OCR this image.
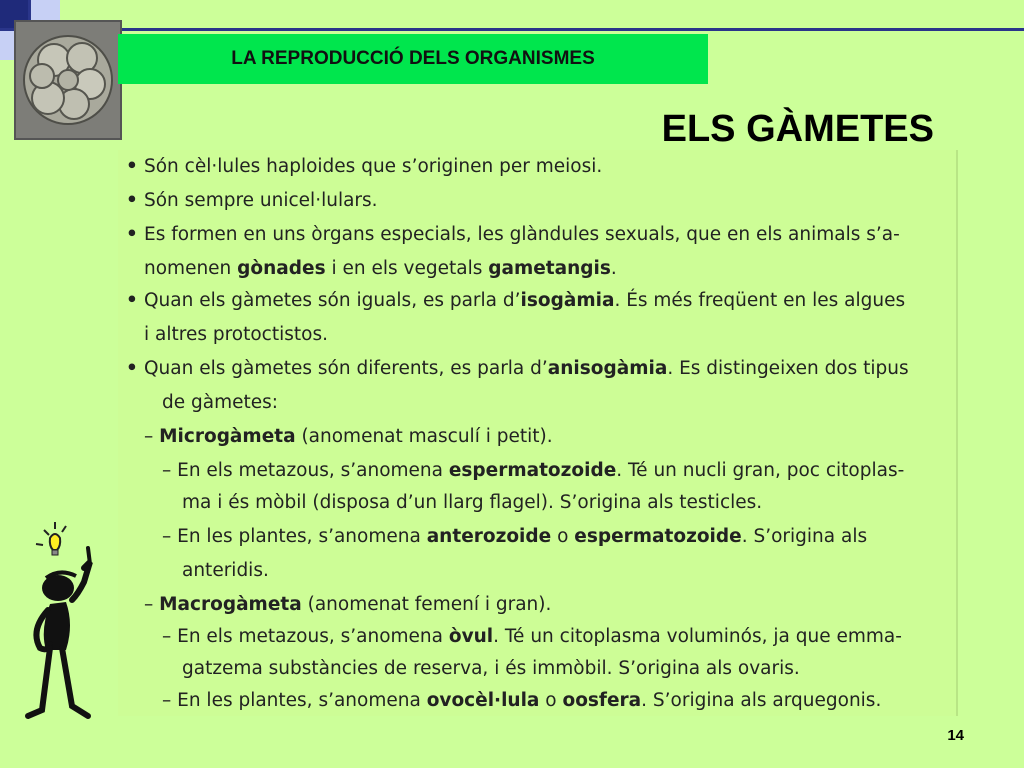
LA REPRODUCCIÓ DELS ORGANISMES
ELS GÀMETES
• Són cèl·lules haploides que s’originen per meiosi.
• Són sempre unicel·lulars.
• Es formen en uns òrgans especials, les glàndules sexuals, que en els animals s’a-
nomenen gònades i en els vegetals gametangis.
• Quan els gàmetes són iguals, es parla d’isogàmia. És més freqüent en les algues
i altres protoctistos.
• Quan els gàmetes són diferents, es parla d’anisogàmia. Es distingeixen dos tipus
de gàmetes:
– Microgàmeta (anomenat masculí i petit).
– En els metazous, s’anomena espermatozoide. Té un nucli gran, poc citoplas-
ma i és mòbil (disposa d’un llarg flagel). S’origina als testicles.
– En les plantes, s’anomena anterozoide o espermatozoide. S’origina als
anteridis.
– Macrogàmeta (anomenat femení i gran).
– En els metazous, s’anomena òvul. Té un citoplasma voluminós, ja que emma-
gatzema substàncies de reserva, i és immòbil. S’origina als ovaris.
– En les plantes, s’anomena ovocèl·lula o oosfera. S’origina als arquegonis.
14
